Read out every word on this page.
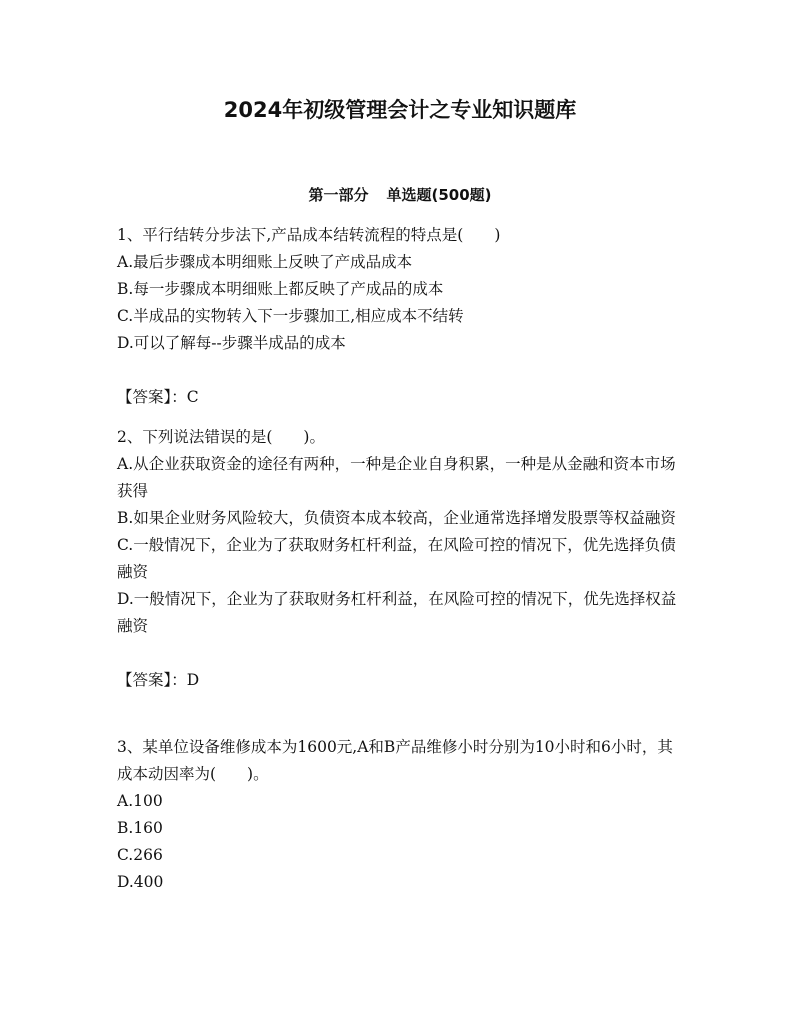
2024年初级管理会计之专业知识题库
第一部分 单选题(500题)

1、平行结转分步法下,产品成本结转流程的特点是(　　)

A.最后步骤成本明细账上反映了产成品成本

B.每一步骤成本明细账上都反映了产成品的成本

C.半成品的实物转入下一步骤加工,相应成本不结转

D.可以了解每--步骤半成品的成本

【答案】：C

2、下列说法错误的是(　　)。

A.从企业获取资金的途径有两种，一种是企业自身积累，一种是从金融和资本市场获得

B.如果企业财务风险较大，负债资本成本较高，企业通常选择增发股票等权益融资

C.一般情况下，企业为了获取财务杠杆利益，在风险可控的情况下，优先选择负债融资

D.一般情况下，企业为了获取财务杠杆利益，在风险可控的情况下，优先选择权益融资

【答案】：D

3、某单位设备维修成本为1600元,A和B产品维修小时分别为10小时和6小时，其成本动因率为(　　)。

A.100

B.160

C.266

D.400
